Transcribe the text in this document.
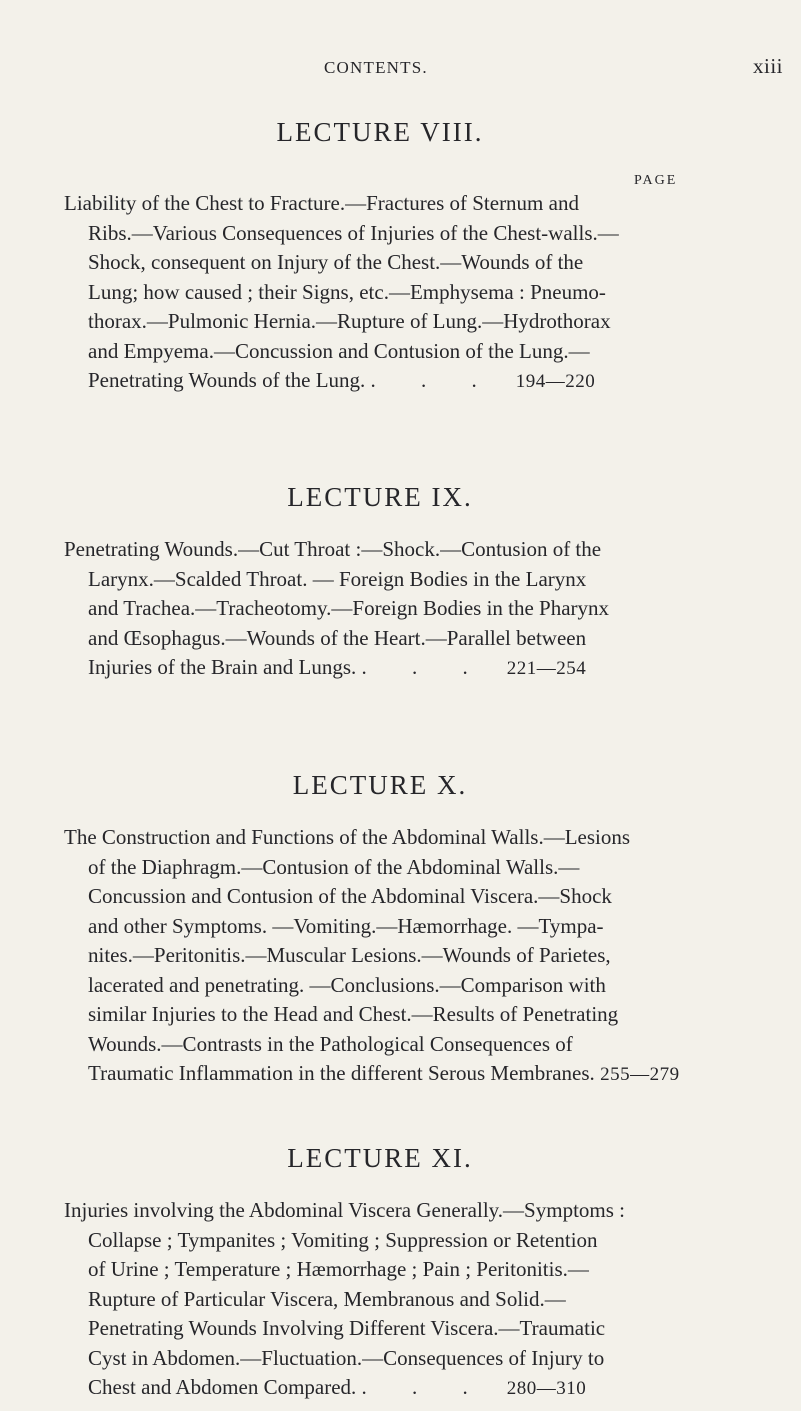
CONTENTS.	xiii
PAGE
LECTURE VIII.
Liability of the Chest to Fracture.—Fractures of Sternum and
Ribs.—Various Consequences of Injuries of the Chest-walls.—
Shock, consequent on Injury of the Chest.—Wounds of the
Lung; how caused ; their Signs, etc.—Emphysema : Pneumo-
thorax.—Pulmonic Hernia.—Rupture of Lung.—Hydrothorax
and Empyema.—Concussion and Contusion of the Lung.—
Penetrating Wounds of the Lung. . . . 194—220
LECTURE IX.
Penetrating Wounds.—Cut Throat :—Shock.—Contusion of the
Larynx.—Scalded Throat. — Foreign Bodies in the Larynx
and Trachea.—Tracheotomy.—Foreign Bodies in the Pharynx
and Œsophagus.—Wounds of the Heart.—Parallel between
Injuries of the Brain and Lungs. . . . 221—254
LECTURE X.
The Construction and Functions of the Abdominal Walls.—Lesions
of the Diaphragm.—Contusion of the Abdominal Walls.—
Concussion and Contusion of the Abdominal Viscera.—Shock
and other Symptoms. —Vomiting.—Hæmorrhage. —Tympa-
nites.—Peritonitis.—Muscular Lesions.—Wounds of Parietes,
lacerated and penetrating. —Conclusions.—Comparison with
similar Injuries to the Head and Chest.—Results of Penetrating
Wounds.—Contrasts in the Pathological Consequences of
Traumatic Inflammation in the different Serous Membranes. 255—279
LECTURE XI.
Injuries involving the Abdominal Viscera Generally.—Symptoms :
Collapse ; Tympanites ; Vomiting ; Suppression or Retention
of Urine ; Temperature ; Hæmorrhage ; Pain ; Peritonitis.—
Rupture of Particular Viscera, Membranous and Solid.—
Penetrating Wounds Involving Different Viscera.—Traumatic
Cyst in Abdomen.—Fluctuation.—Consequences of Injury to
Chest and Abdomen Compared. . . . 280—310
